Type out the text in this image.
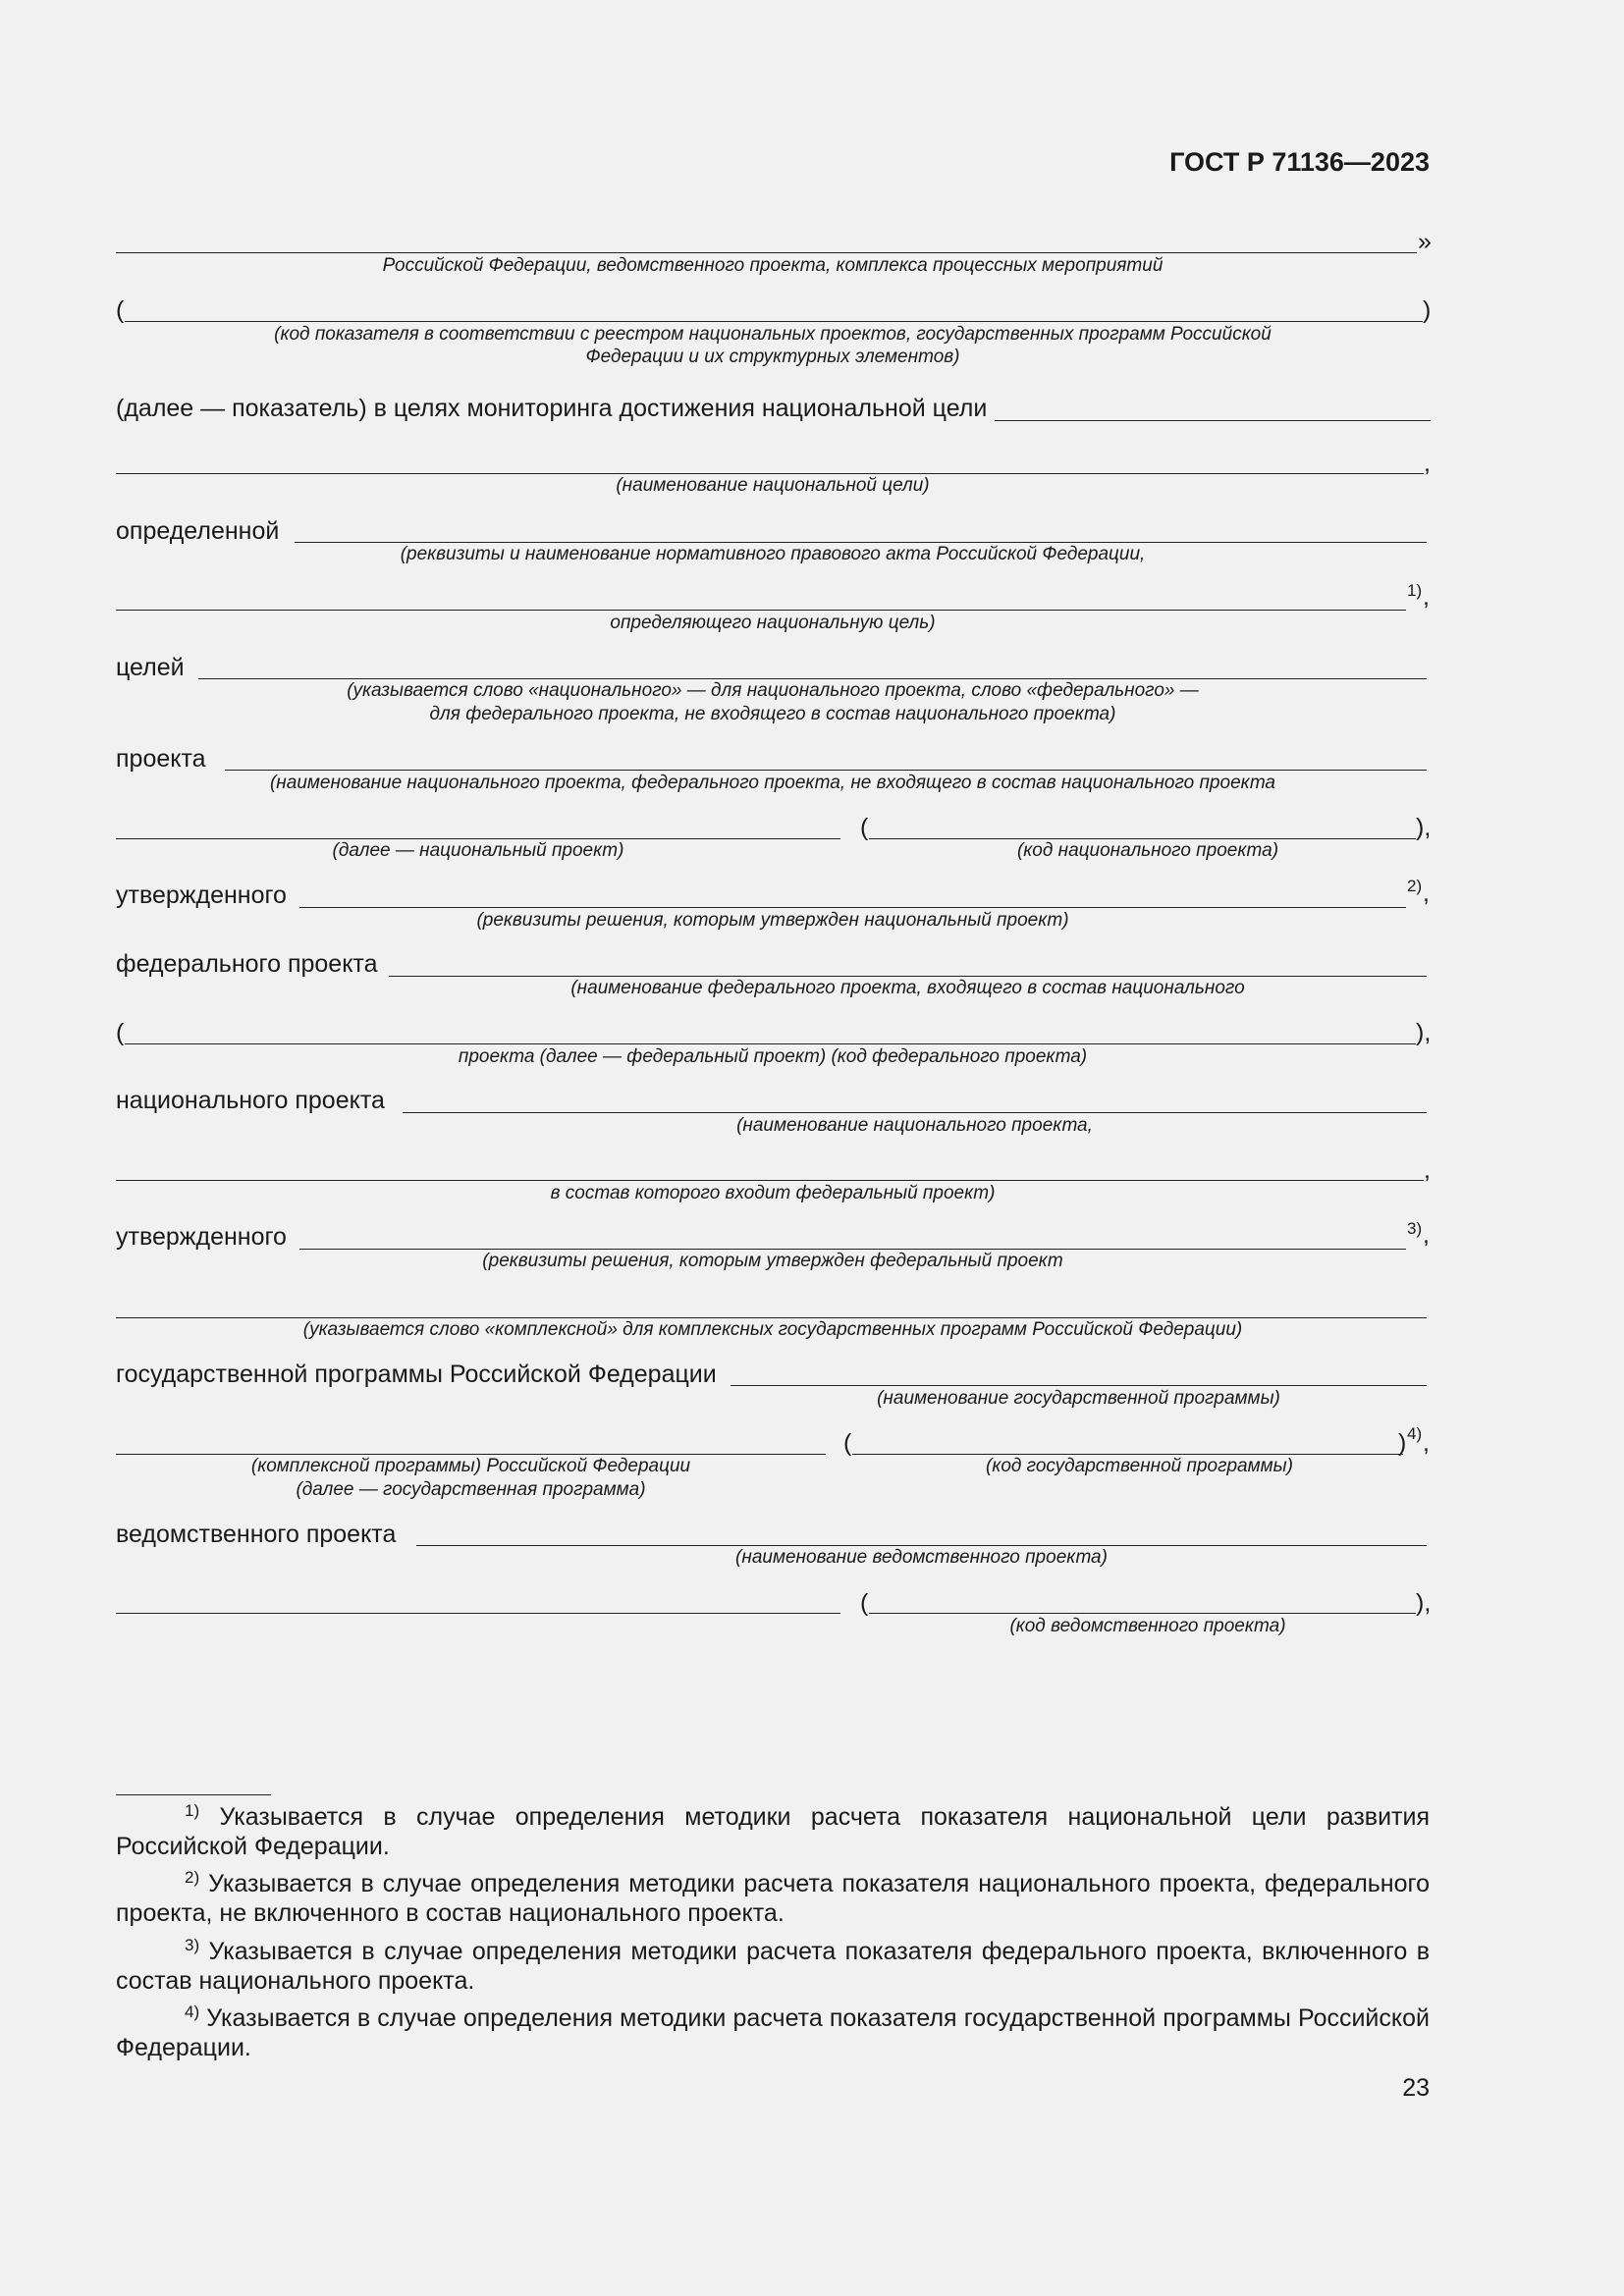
ГОСТ Р 71136—2023
»
Российской Федерации, ведомственного проекта, комплекса процессных мероприятий
(	)
(код показателя в соответствии с реестром национальных проектов, государственных программ Российской
Федерации и их структурных элементов)
(далее — показатель) в целях мониторинга достижения национальной цели
,
(наименование национальной цели)
определенной
(реквизиты и наименование нормативного правового акта Российской Федерации,
1) ,
определяющего национальную цель)
целей
(указывается слово «национального» — для национального проекта, слово «федерального» —
для федерального проекта, не входящего в состав национального проекта)
проекта
(наименование национального проекта, федерального проекта, не входящего в состав национального проекта
(	),
(далее — национальный проект)	(код национального проекта)
утвержденного	2) ,
(реквизиты решения, которым утвержден национальный проект)
федерального проекта
(наименование федерального проекта, входящего в состав национального
(	),
проекта (далее — федеральный проект) (код федерального проекта)
национального проекта
(наименование национального проекта,
,
в состав которого входит федеральный проект)
утвержденного	3) ,
(реквизиты решения, которым утвержден федеральный проект
(указывается слово «комплексной» для комплексных государственных программ Российской Федерации)
государственной программы Российской Федерации
(наименование государственной программы)
(	) 4) ,
(комплексной программы) Российской Федерации
(далее — государственная программа)
(код государственной программы)
ведомственного проекта
(наименование ведомственного проекта)
(	),
(код ведомственного проекта)
$^{1)}$ Указывается в случае определения методики расчета показателя национальной цели развития Российской Федерации.
$^{2)}$ Указывается в случае определения методики расчета показателя национального проекта, федерального проекта, не включенного в состав национального проекта.
$^{3)}$ Указывается в случае определения методики расчета показателя федерального проекта, включенного в состав национального проекта.
$^{4)}$ Указывается в случае определения методики расчета показателя государственной программы Российской Федерации.
23
